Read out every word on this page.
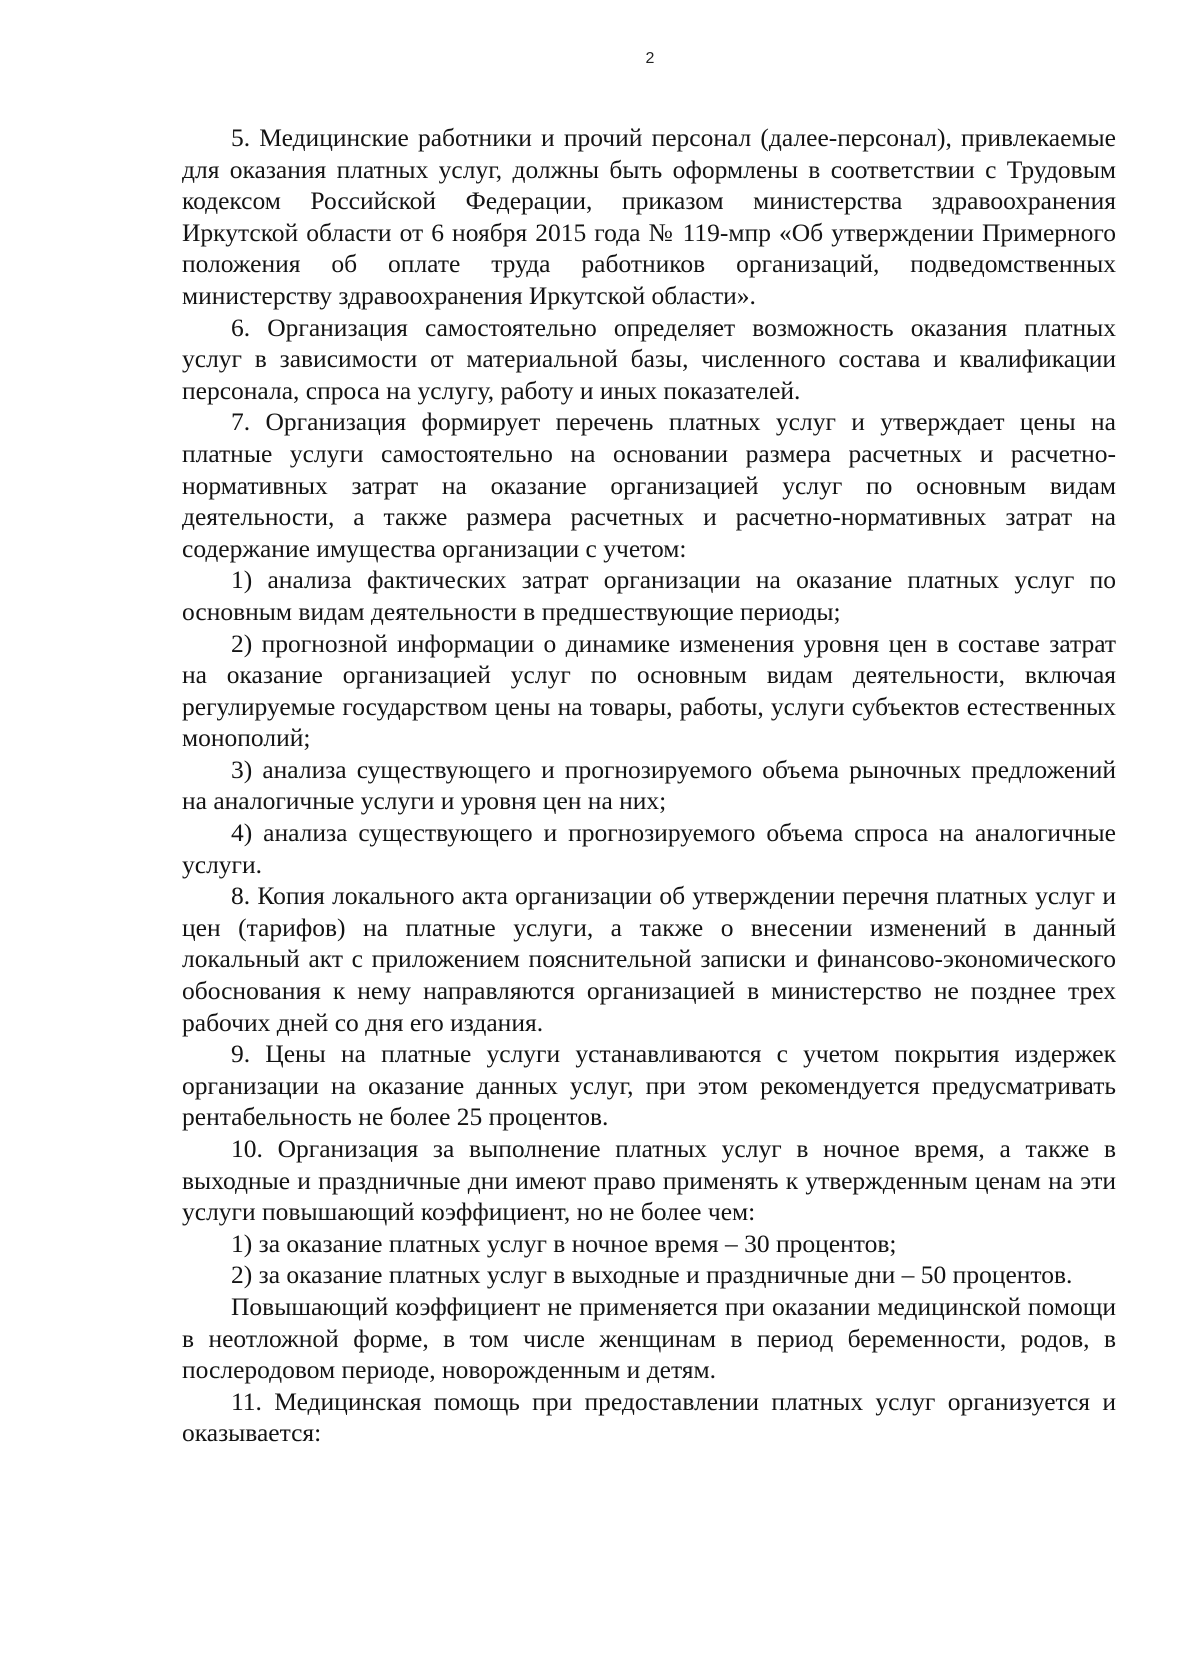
2

5. Медицинские работники и прочий персонал (далее-персонал), привлекаемые для оказания платных услуг, должны быть оформлены в соответствии с Трудовым кодексом Российской Федерации, приказом министерства здравоохранения Иркутской области от 6 ноября 2015 года № 119-мпр «Об утверждении Примерного положения об оплате труда работников организаций, подведомственных министерству здравоохранения Иркутской области».

6. Организация самостоятельно определяет возможность оказания платных услуг в зависимости от материальной базы, численного состава и квалификации персонала, спроса на услугу, работу и иных показателей.

7. Организация формирует перечень платных услуг и утверждает цены на платные услуги самостоятельно на основании размера расчетных и расчетно-нормативных затрат на оказание организацией услуг по основным видам деятельности, а также размера расчетных и расчетно-нормативных затрат на содержание имущества организации с учетом:

1) анализа фактических затрат организации на оказание платных услуг по основным видам деятельности в предшествующие периоды;

2) прогнозной информации о динамике изменения уровня цен в составе затрат на оказание организацией услуг по основным видам деятельности, включая регулируемые государством цены на товары, работы, услуги субъектов естественных монополий;

3) анализа существующего и прогнозируемого объема рыночных предложений на аналогичные услуги и уровня цен на них;

4) анализа существующего и прогнозируемого объема спроса на аналогичные услуги.

8. Копия локального акта организации об утверждении перечня платных услуг и цен (тарифов) на платные услуги, а также о внесении изменений в данный локальный акт с приложением пояснительной записки и финансово-экономического обоснования к нему направляются организацией в министерство не позднее трех рабочих дней со дня его издания.

9. Цены на платные услуги устанавливаются с учетом покрытия издержек организации на оказание данных услуг, при этом рекомендуется предусматривать рентабельность не более 25 процентов.

10. Организация за выполнение платных услуг в ночное время, а также в выходные и праздничные дни имеют право применять к утвержденным ценам на эти услуги повышающий коэффициент, но не более чем:

1) за оказание платных услуг в ночное время – 30 процентов;

2) за оказание платных услуг в выходные и праздничные дни – 50 процентов.

Повышающий коэффициент не применяется при оказании медицинской помощи в неотложной форме, в том числе женщинам в период беременности, родов, в послеродовом периоде, новорожденным и детям.

11. Медицинская помощь при предоставлении платных услуг организуется и оказывается:
